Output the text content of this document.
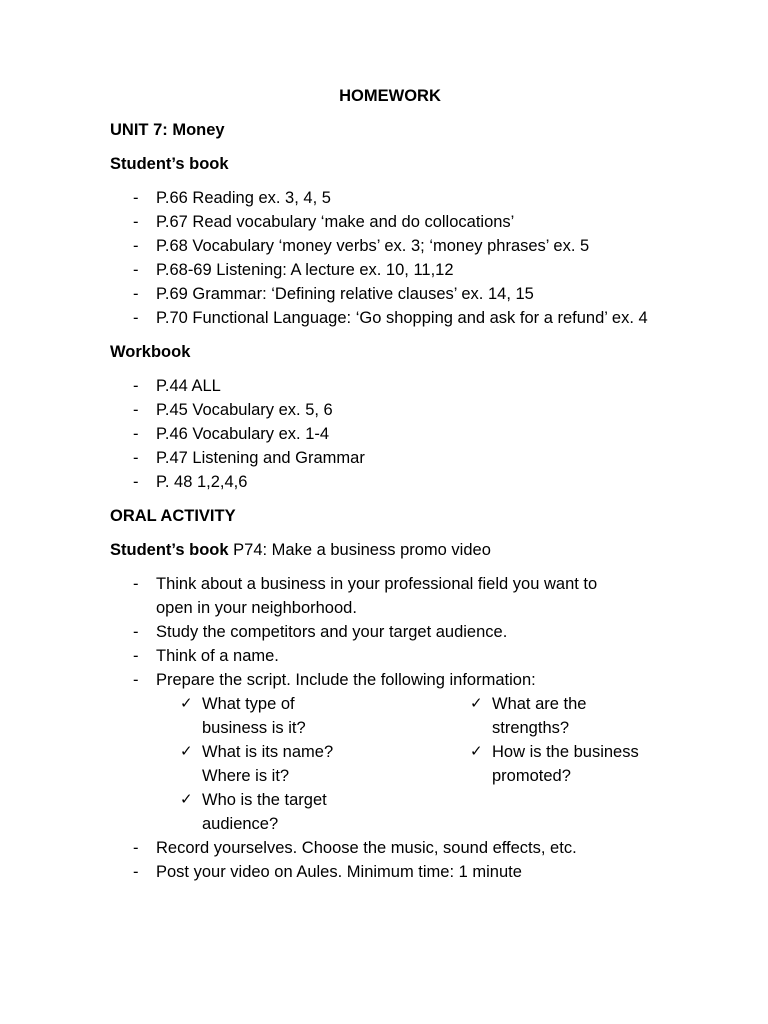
HOMEWORK
UNIT 7: Money
Student’s book
- P.66 Reading ex. 3, 4, 5
- P.67 Read vocabulary ‘make and do collocations’
- P.68 Vocabulary ‘money verbs’ ex. 3; ‘money phrases’ ex. 5
- P.68-69 Listening: A lecture ex. 10, 11,12
- P.69 Grammar: ‘Defining relative clauses’ ex. 14, 15
- P.70 Functional Language: ‘Go shopping and ask for a refund’ ex. 4
Workbook
- P.44 ALL
- P.45 Vocabulary ex. 5, 6
- P.46 Vocabulary ex. 1-4
- P.47 Listening and Grammar
- P. 48 1,2,4,6
ORAL ACTIVITY
Student’s book P74: Make a business promo video
- Think about a business in your professional field you want to open in your neighborhood.
- Study the competitors and your target audience.
- Think of a name.
- Prepare the script. Include the following information:
✓ What type of business is it?
✓ What is its name? Where is it?
✓ Who is the target audience?
✓ What are the strengths?
✓ How is the business promoted?
- Record yourselves. Choose the music, sound effects, etc.
- Post your video on Aules. Minimum time: 1 minute
